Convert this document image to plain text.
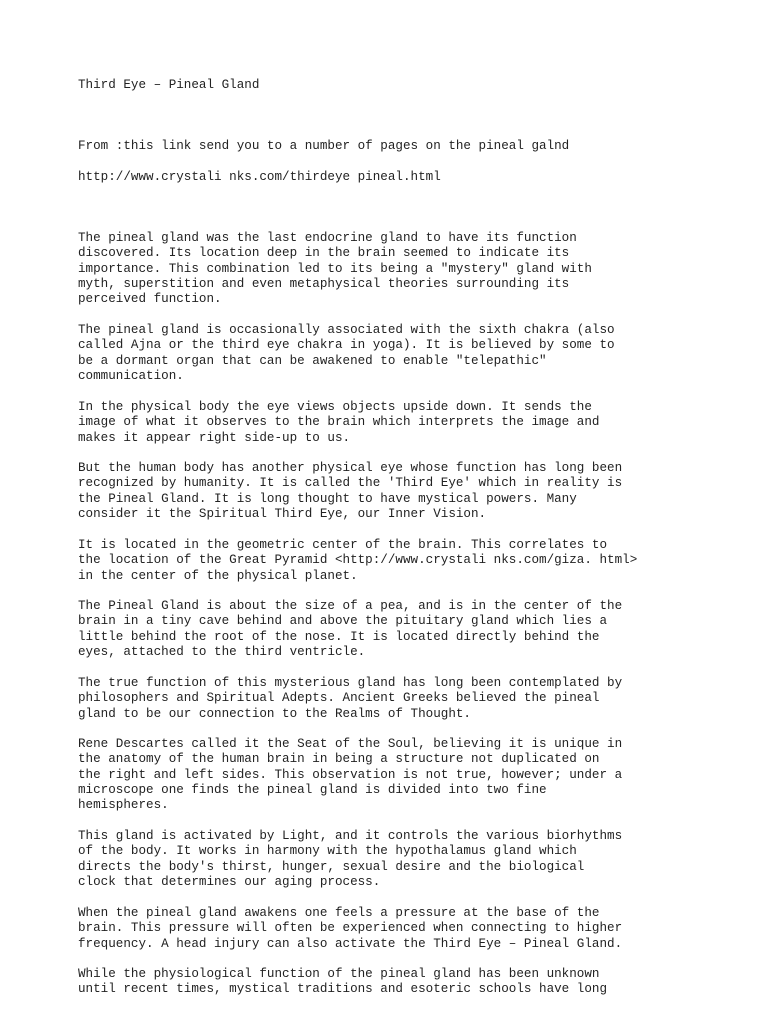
Third Eye – Pineal Gland
From :this link send you to a number of pages on the pineal galnd
http://www.crystali nks.com/thirdeye pineal.html

The pineal gland was the last endocrine gland to have its function
discovered. Its location deep in the brain seemed to indicate its
importance. This combination led to its being a "mystery" gland with
myth, superstition and even metaphysical theories surrounding its
perceived function.

The pineal gland is occasionally associated with the sixth chakra (also
called Ajna or the third eye chakra in yoga). It is believed by some to
be a dormant organ that can be awakened to enable "telepathic"
communication.

In the physical body the eye views objects upside down. It sends the
image of what it observes to the brain which interprets the image and
makes it appear right side-up to us.

But the human body has another physical eye whose function has long been
recognized by humanity. It is called the 'Third Eye' which in reality is
the Pineal Gland. It is long thought to have mystical powers. Many
consider it the Spiritual Third Eye, our Inner Vision.

It is located in the geometric center of the brain. This correlates to
the location of the Great Pyramid <http://www.crystali nks.com/giza. html>
in the center of the physical planet.

The Pineal Gland is about the size of a pea, and is in the center of the
brain in a tiny cave behind and above the pituitary gland which lies a
little behind the root of the nose. It is located directly behind the
eyes, attached to the third ventricle.

The true function of this mysterious gland has long been contemplated by
philosophers and Spiritual Adepts. Ancient Greeks believed the pineal
gland to be our connection to the Realms of Thought.

Rene Descartes called it the Seat of the Soul, believing it is unique in
the anatomy of the human brain in being a structure not duplicated on
the right and left sides. This observation is not true, however; under a
microscope one finds the pineal gland is divided into two fine
hemispheres.

This gland is activated by Light, and it controls the various biorhythms
of the body. It works in harmony with the hypothalamus gland which
directs the body's thirst, hunger, sexual desire and the biological
clock that determines our aging process.

When the pineal gland awakens one feels a pressure at the base of the
brain. This pressure will often be experienced when connecting to higher
frequency. A head injury can also activate the Third Eye – Pineal Gland.

While the physiological function of the pineal gland has been unknown
until recent times, mystical traditions and esoteric schools have long
